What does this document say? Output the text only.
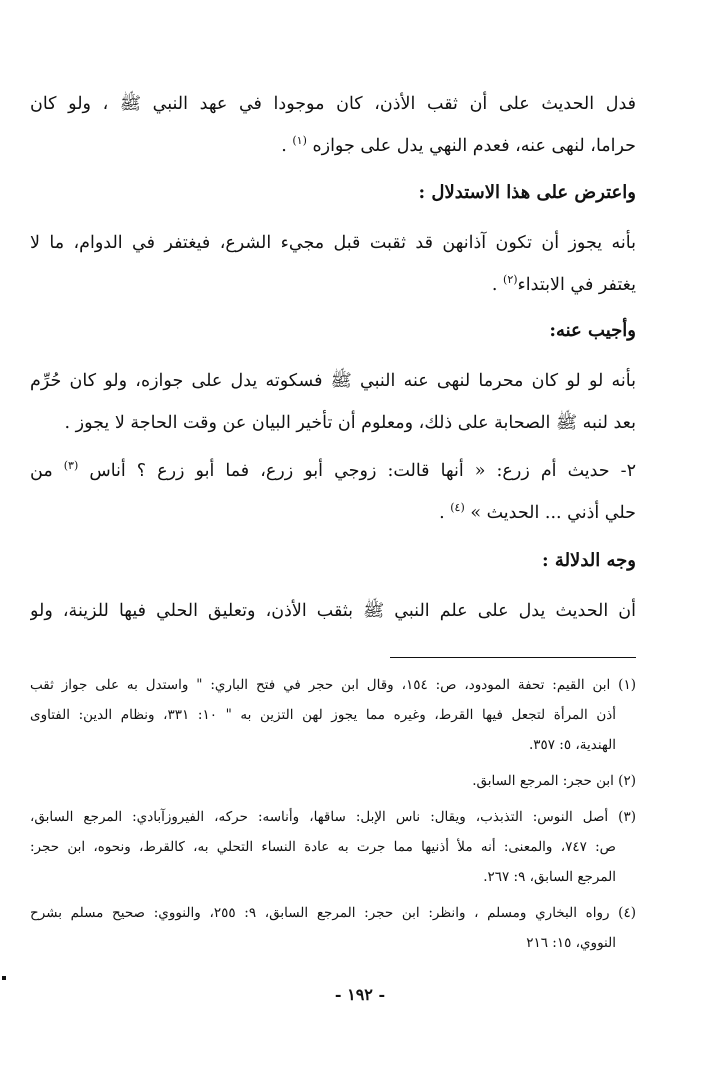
فدل الحديث على أن ثقب الأذن، كان موجودا في عهد النبي ﷺ ، ولو كان
حراما، لنهى عنه، فعدم النهي يدل على جوازه $^{(١)}$ .
واعترض على هذا الاستدلال :
بأنه يجوز أن تكون آذانهن قد ثقبت قبل مجيء الشرع، فيغتفر في الدوام، ما لا
يغتفر في الابتداء$^{(٢)}$ .
وأجيب عنه:
بأنه لو لو كان محرما لنهى عنه النبي ﷺ فسكوته يدل على جوازه، ولو كان حُرِّم
بعد لنبه ﷺ الصحابة على ذلك، ومعلوم أن تأخير البيان عن وقت الحاجة لا يجوز .
٢- حديث أم زرع: « أنها قالت: زوجي أبو زرع، فما أبو زرع ؟ أناس $^{(٣)}$ من
حلي أذني ... الحديث » $^{(٤)}$ .
وجه الدلالة :
أن الحديث يدل على علم النبي ﷺ بثقب الأذن، وتعليق الحلي فيها للزينة، ولو
(١) ابن القيم: تحفة المودود، ص: ١٥٤، وقال ابن حجر في فتح الباري: " واستدل به على جواز ثقب
أذن المرأة لتجعل فيها القرط، وغيره مما يجوز لهن التزين به " ١٠: ٣٣١، ونظام الدين: الفتاوى
الهندية، ٥: ٣٥٧.
(٢) ابن حجر: المرجع السابق.
(٣) أصل النوس: التذبذب، ويقال: ناس الإبل: ساقها، وأناسه: حركه، الفيروزآبادي: المرجع السابق،
ص: ٧٤٧، والمعنى: أنه ملأ أذنيها مما جرت به عادة النساء التحلي به، كالقرط، ونحوه، ابن حجر:
المرجع السابق، ٩: ٢٦٧.
(٤) رواه البخاري ومسلم ، وانظر: ابن حجر: المرجع السابق، ٩: ٢٥٥، والنووي: صحيح مسلم بشرح
النووي، ١٥: ٢١٦
- ١٩٢ -
